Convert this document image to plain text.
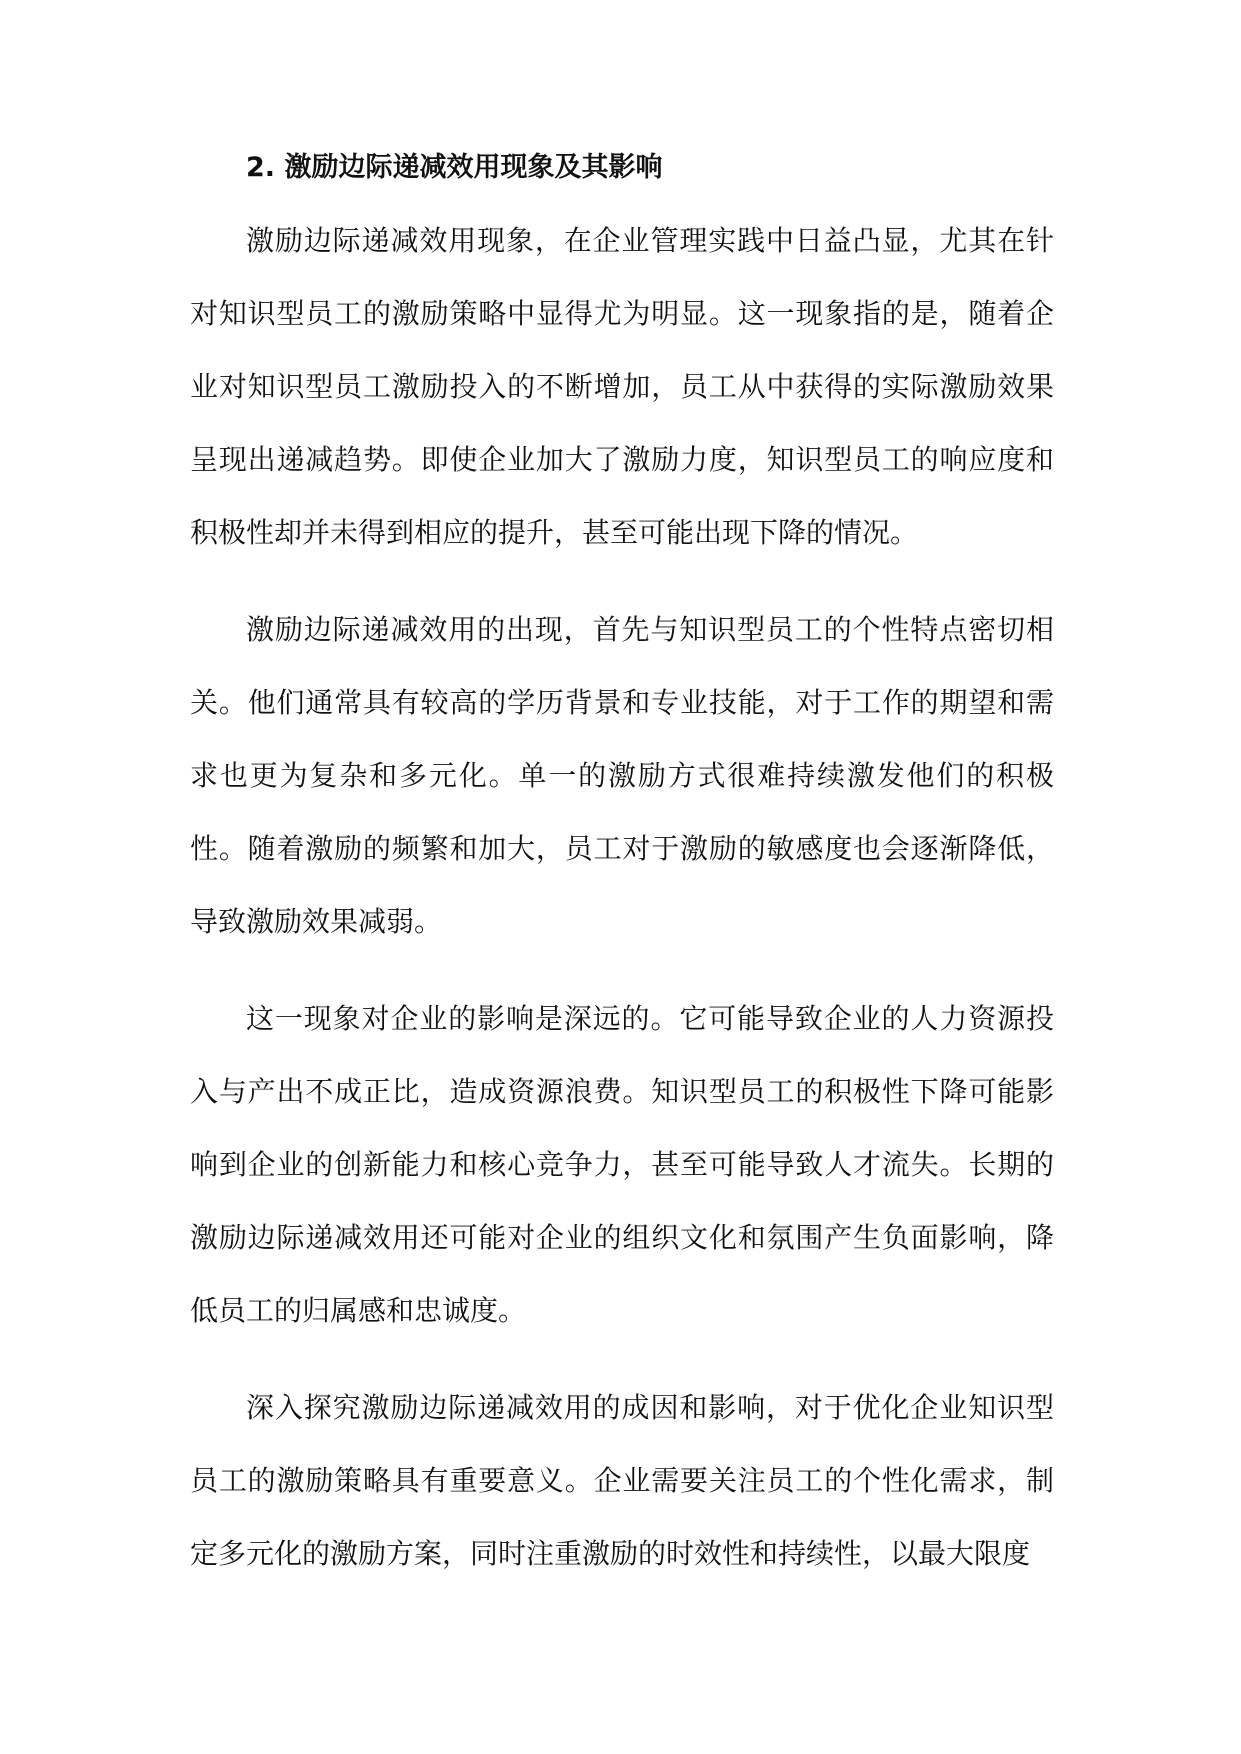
2. 激励边际递减效用现象及其影响

激励边际递减效用现象，在企业管理实践中日益凸显，尤其在针对知识型员工的激励策略中显得尤为明显。这一现象指的是，随着企业对知识型员工激励投入的不断增加，员工从中获得的实际激励效果呈现出递减趋势。即使企业加大了激励力度，知识型员工的响应度和积极性却并未得到相应的提升，甚至可能出现下降的情况。

激励边际递减效用的出现，首先与知识型员工的个性特点密切相关。他们通常具有较高的学历背景和专业技能，对于工作的期望和需求也更为复杂和多元化。单一的激励方式很难持续激发他们的积极性。随着激励的频繁和加大，员工对于激励的敏感度也会逐渐降低，导致激励效果减弱。

这一现象对企业的影响是深远的。它可能导致企业的人力资源投入与产出不成正比，造成资源浪费。知识型员工的积极性下降可能影响到企业的创新能力和核心竞争力，甚至可能导致人才流失。长期的激励边际递减效用还可能对企业的组织文化和氛围产生负面影响，降低员工的归属感和忠诚度。

深入探究激励边际递减效用的成因和影响，对于优化企业知识型员工的激励策略具有重要意义。企业需要关注员工的个性化需求，制定多元化的激励方案，同时注重激励的时效性和持续性，以最大限度
